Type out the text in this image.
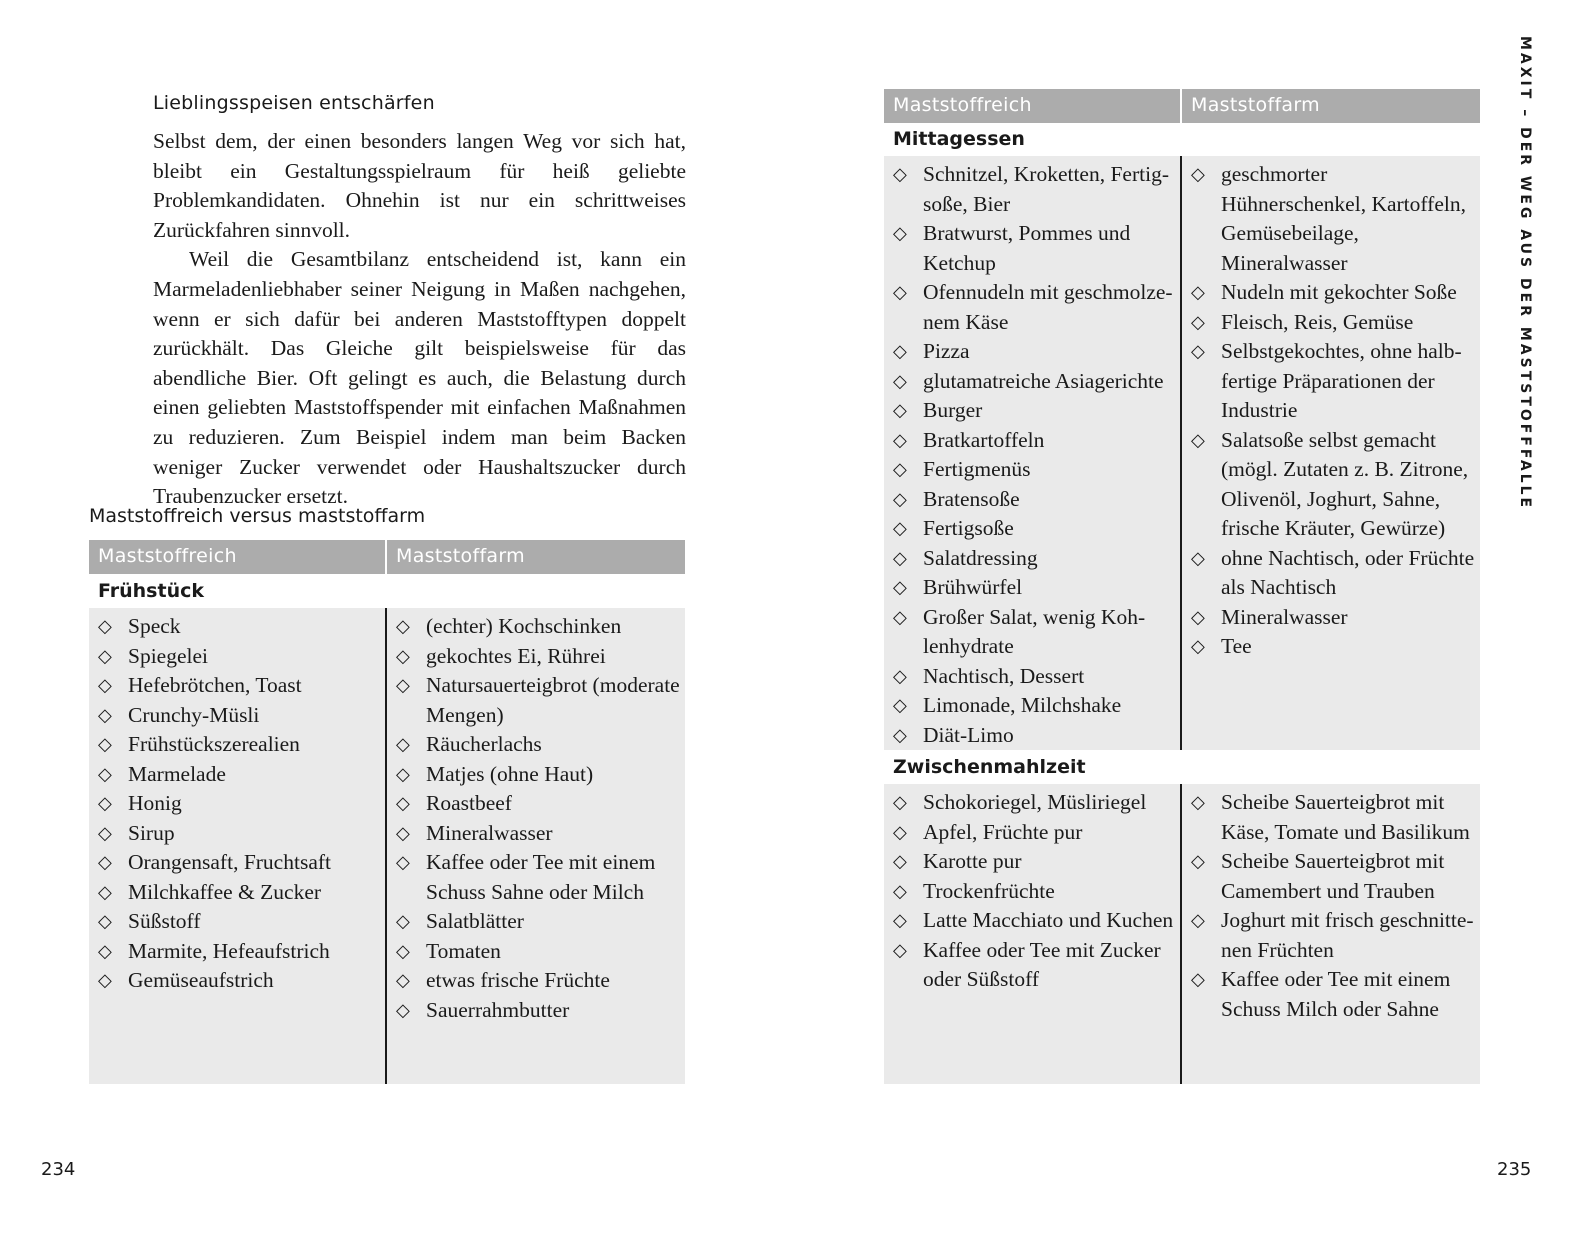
Lieblingsspeisen entschärfen

Selbst dem, der einen besonders langen Weg vor sich hat, bleibt ein Gestaltungsspielraum für heiß geliebte Problemkandidaten. Ohnehin ist nur ein schrittweises Zurückfahren sinnvoll.

Weil die Gesamtbilanz entscheidend ist, kann ein Marmeladenliebhaber seiner Neigung in Maßen nachgehen, wenn er sich dafür bei anderen Maststofftypen doppelt zurückhält. Das Gleiche gilt beispielsweise für das abendliche Bier. Oft gelingt es auch, die Belastung durch einen geliebten Maststoffspender mit einfachen Maßnahmen zu reduzieren. Zum Beispiel indem man beim Backen weniger Zucker verwendet oder Haushaltszucker durch Traubenzucker ersetzt.

Maststoffreich versus maststoffarm
Maststoffreich	Maststoffarm
Frühstück
◇ Speck
◇ Spiegelei
◇ Hefebrötchen, Toast
◇ Crunchy-Müsli
◇ Frühstückszerealien
◇ Marmelade
◇ Honig
◇ Sirup
◇ Orangensaft, Fruchtsaft
◇ Milchkaffee & Zucker
◇ Süßstoff
◇ Marmite, Hefeaufstrich
◇ Gemüseaufstrich
◇ (echter) Kochschinken
◇ gekochtes Ei, Rührei
◇ Natursauerteigbrot (moderate Mengen)
◇ Räucherlachs
◇ Matjes (ohne Haut)
◇ Roastbeef
◇ Mineralwasser
◇ Kaffee oder Tee mit einem Schuss Sahne oder Milch
◇ Salatblätter
◇ Tomaten
◇ etwas frische Früchte
◇ Sauerrahmbutter
234
Maststoffreich	Maststoffarm
Mittagessen
◇ Schnitzel, Kroketten, Fertig-soße, Bier
◇ Bratwurst, Pommes und Ketchup
◇ Ofennudeln mit geschmolze-nem Käse
◇ Pizza
◇ glutamatreiche Asiagerichte
◇ Burger
◇ Bratkartoffeln
◇ Fertigmenüs
◇ Bratensoße
◇ Fertigsoße
◇ Salatdressing
◇ Brühwürfel
◇ Großer Salat, wenig Koh-lenhydrate
◇ Nachtisch, Dessert
◇ Limonade, Milchshake
◇ Diät-Limo
◇ geschmorter Hühnerschenkel, Kartoffeln, Gemüsebeilage, Mineralwasser
◇ Nudeln mit gekochter Soße
◇ Fleisch, Reis, Gemüse
◇ Selbstgekochtes, ohne halb-fertige Präparationen der Industrie
◇ Salatsoße selbst gemacht (mögl. Zutaten z. B. Zitrone, Olivenöl, Joghurt, Sahne, frische Kräuter, Gewürze)
◇ ohne Nachtisch, oder Früchte als Nachtisch
◇ Mineralwasser
◇ Tee
Zwischenmahlzeit
◇ Schokoriegel, Müsliriegel
◇ Apfel, Früchte pur
◇ Karotte pur
◇ Trockenfrüchte
◇ Latte Macchiato und Kuchen
◇ Kaffee oder Tee mit Zucker oder Süßstoff
◇ Scheibe Sauerteigbrot mit Käse, Tomate und Basilikum
◇ Scheibe Sauerteigbrot mit Camembert und Trauben
◇ Joghurt mit frisch geschnitte-nen Früchten
◇ Kaffee oder Tee mit einem Schuss Milch oder Sahne
MAXIT – DER WEG AUS DER MASTSTOFFFALLE
235
